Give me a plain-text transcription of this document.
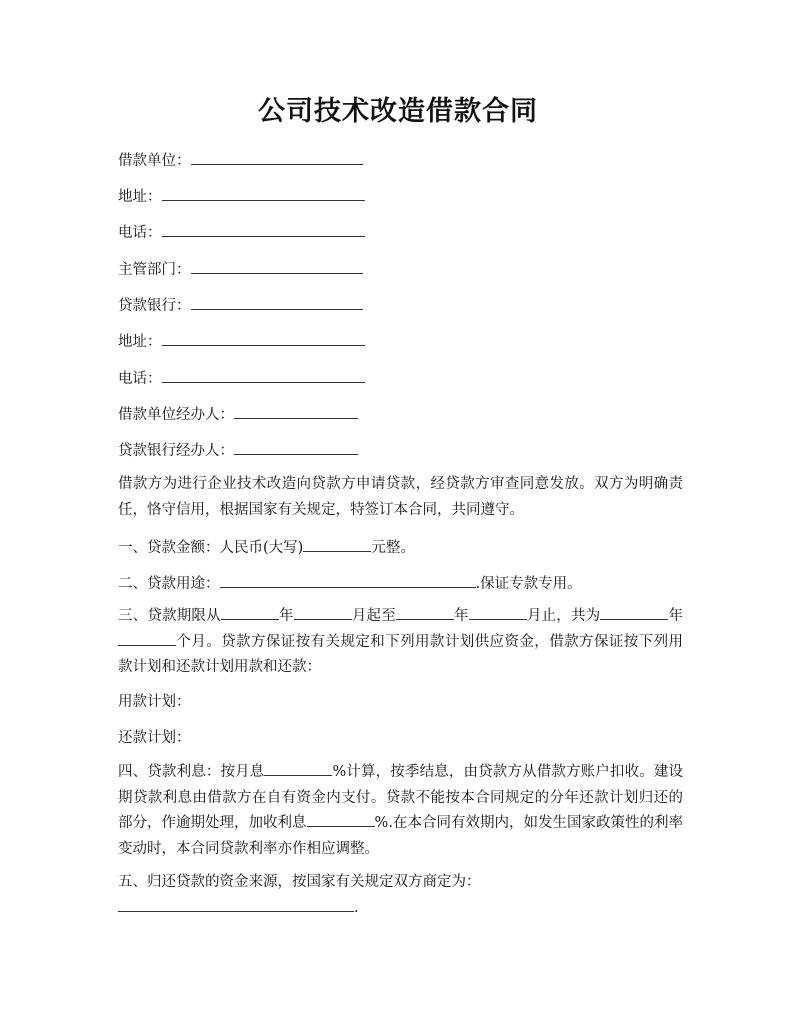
公司技术改造借款合同
借款单位：
地址：
电话：
主管部门：
贷款银行：
地址：
电话：
借款单位经办人：
贷款银行经办人：
借款方为进行企业技术改造向贷款方申请贷款，经贷款方审查同意发放。双方为明确责任，恪守信用，根据国家有关规定，特签订本合同，共同遵守。
一、贷款金额：人民币(大写)	元整。
二、贷款用途：	.保证专款专用。
三、贷款期限从	年	月起至	年	月止，共为	年个月。贷款方保证按有关规定和下列用款计划供应资金，借款方保证按下列用款计划和还款计划用款和还款：
用款计划：
还款计划：
四、贷款利息：按月息	%计算，按季结息，由贷款方从借款方账户扣收。建设期贷款利息由借款方在自有资金内支付。贷款不能按本合同规定的分年还款计划归还的部分，作逾期处理，加收利息	%.在本合同有效期内，如发生国家政策性的利率变动时，本合同贷款利率亦作相应调整。
五、归还贷款的资金来源，按国家有关规定双方商定为：
.
